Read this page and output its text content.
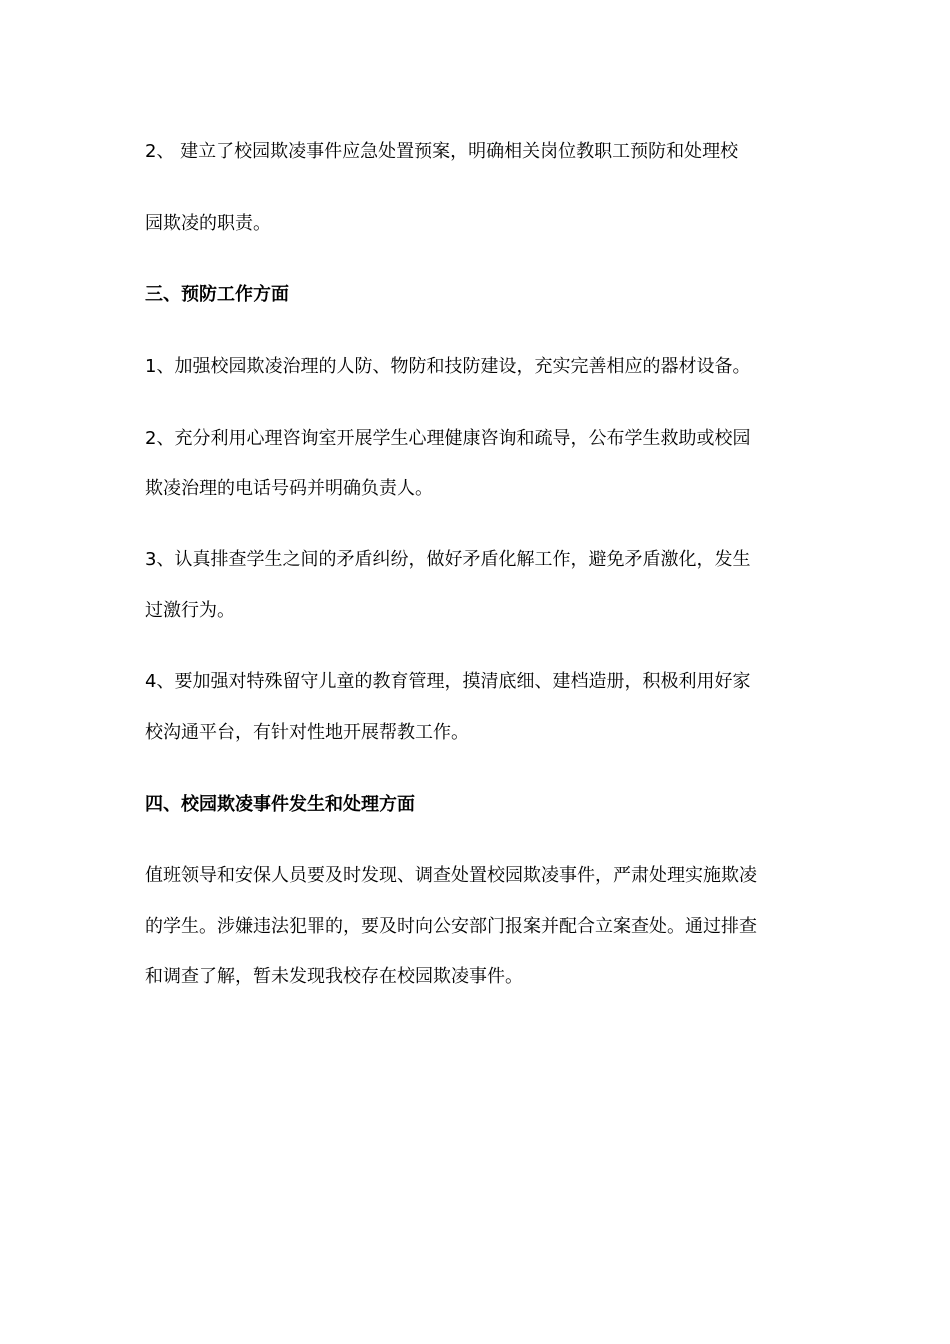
2、 建立了校园欺凌事件应急处置预案，明确相关岗位教职工预防和处理校

园欺凌的职责。

三、预防工作方面

1、加强校园欺凌治理的人防、物防和技防建设，充实完善相应的器材设备。

2、充分利用心理咨询室开展学生心理健康咨询和疏导，公布学生救助或校园

欺凌治理的电话号码并明确负责人。

3、认真排查学生之间的矛盾纠纷，做好矛盾化解工作，避免矛盾激化，发生

过激行为。

4、要加强对特殊留守儿童的教育管理，摸清底细、建档造册，积极利用好家

校沟通平台，有针对性地开展帮教工作。

四、校园欺凌事件发生和处理方面

值班领导和安保人员要及时发现、调查处置校园欺凌事件，严肃处理实施欺凌

的学生。涉嫌违法犯罪的，要及时向公安部门报案并配合立案查处。通过排查

和调查了解，暂未发现我校存在校园欺凌事件。
